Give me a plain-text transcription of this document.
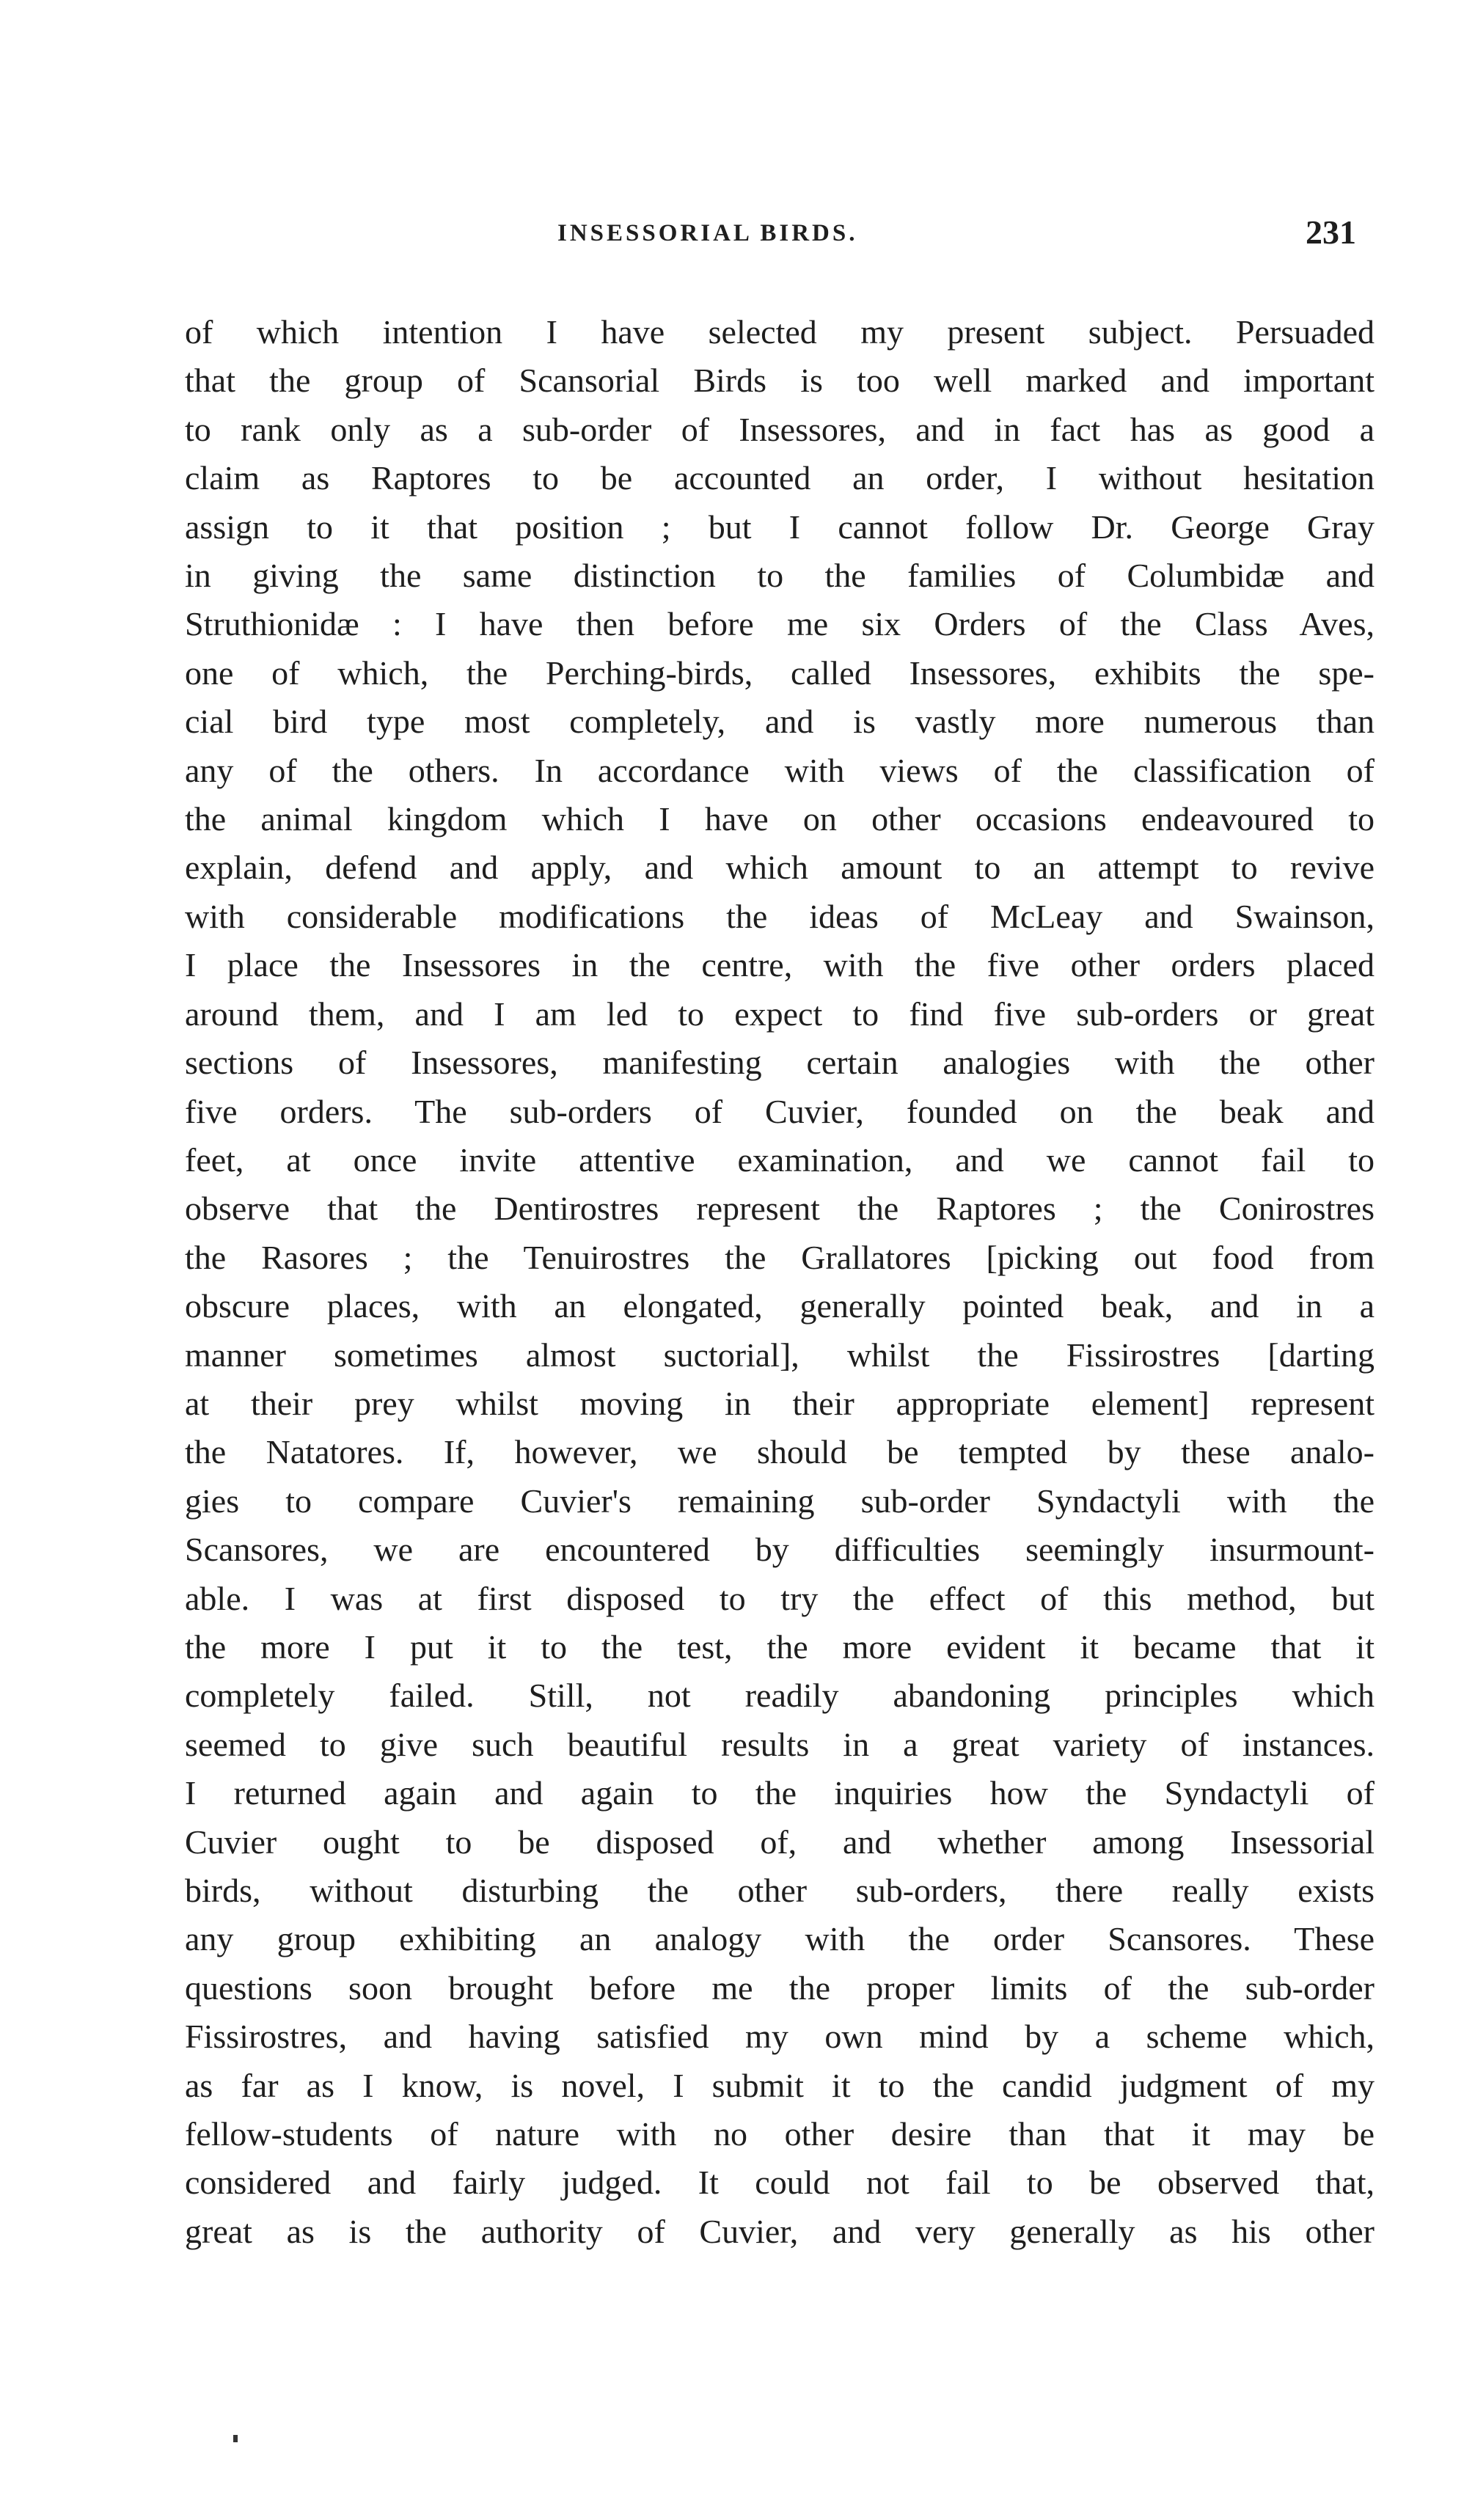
INSESSORIAL BIRDS.	231
of which intention I have selected my present subject. Persuaded
that the group of Scansorial Birds is too well marked and important
to rank only as a sub-order of Insessores, and in fact has as good a
claim as Raptores to be accounted an order, I without hesitation
assign to it that position ; but I cannot follow Dr. George Gray
in giving the same distinction to the families of Columbidæ and
Struthionidæ : I have then before me six Orders of the Class Aves,
one of which, the Perching-birds, called Insessores, exhibits the spe-
cial bird type most completely, and is vastly more numerous than
any of the others. In accordance with views of the classification of
the animal kingdom which I have on other occasions endeavoured to
explain, defend and apply, and which amount to an attempt to revive
with considerable modifications the ideas of McLeay and Swainson,
I place the Insessores in the centre, with the five other orders placed
around them, and I am led to expect to find five sub-orders or great
sections of Insessores, manifesting certain analogies with the other
five orders. The sub-orders of Cuvier, founded on the beak and
feet, at once invite attentive examination, and we cannot fail to
observe that the Dentirostres represent the Raptores ; the Conirostres
the Rasores ; the Tenuirostres the Grallatores [picking out food from
obscure places, with an elongated, generally pointed beak, and in a
manner sometimes almost suctorial], whilst the Fissirostres [darting
at their prey whilst moving in their appropriate element] represent
the Natatores. If, however, we should be tempted by these analo-
gies to compare Cuvier's remaining sub-order Syndactyli with the
Scansores, we are encountered by difficulties seemingly insurmount-
able. I was at first disposed to try the effect of this method, but
the more I put it to the test, the more evident it became that it
completely failed. Still, not readily abandoning principles which
seemed to give such beautiful results in a great variety of instances.
I returned again and again to the inquiries how the Syndactyli of
Cuvier ought to be disposed of, and whether among Insessorial
birds, without disturbing the other sub-orders, there really exists
any group exhibiting an analogy with the order Scansores. These
questions soon brought before me the proper limits of the sub-order
Fissirostres, and having satisfied my own mind by a scheme which,
as far as I know, is novel, I submit it to the candid judgment of my
fellow-students of nature with no other desire than that it may be
considered and fairly judged. It could not fail to be observed that,
great as is the authority of Cuvier, and very generally as his other
